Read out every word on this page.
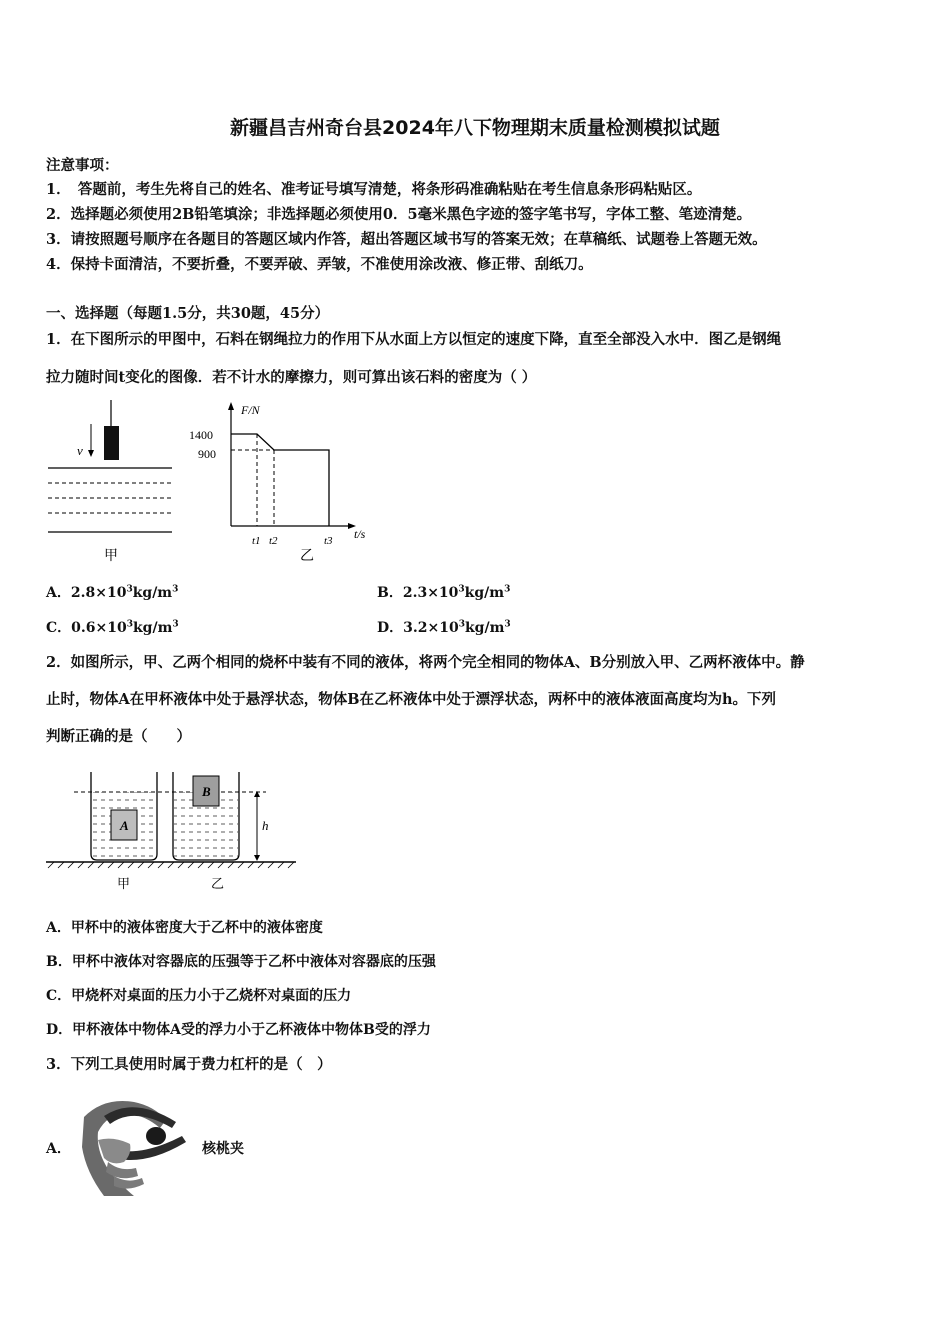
新疆昌吉州奇台县2024年八下物理期末质量检测模拟试题
注意事项：
1．　答题前，考生先将自己的姓名、准考证号填写清楚，将条形码准确粘贴在考生信息条形码粘贴区。
2．选择题必须使用2B铅笔填涂；非选择题必须使用0．5毫米黑色字迹的签字笔书写，字体工整、笔迹清楚。
3．请按照题号顺序在各题目的答题区域内作答，超出答题区域书写的答案无效；在草稿纸、试题卷上答题无效。
4．保持卡面清洁，不要折叠，不要弄破、弄皱，不准使用涂改液、修正带、刮纸刀。
一、选择题（每题1.5分，共30题，45分）
1．在下图所示的甲图中，石料在钢绳拉力的作用下从水面上方以恒定的速度下降，直至全部没入水中．图乙是钢绳
拉力随时间t变化的图像．若不计水的摩擦力，则可算出该石料的密度为（ ）
v
甲
F/N
t/s
1400
900
t1 t2	t3
乙
A．$2.8\times 10^3kg/m^3$	B．$2.3\times 10^3kg/m^3$
C．$0.6\times 10^3kg/m^3$	D．$3.2\times 10^3kg/m^3$
2．如图所示，甲、乙两个相同的烧杯中装有不同的液体，将两个完全相同的物体A、B分别放入甲、乙两杯液体中。静
止时，物体A在甲杯液体中处于悬浮状态，物体B在乙杯液体中处于漂浮状态，两杯中的液体液面高度均为h。下列
判断正确的是（　　）
A
B
h
甲	乙
A．甲杯中的液体密度大于乙杯中的液体密度
B．甲杯中液体对容器底的压强等于乙杯中液体对容器底的压强
C．甲烧杯对桌面的压力小于乙烧杯对桌面的压力
D．甲杯液体中物体A受的浮力小于乙杯液体中物体B受的浮力
3．下列工具使用时属于费力杠杆的是（　）
A．	核桃夹
